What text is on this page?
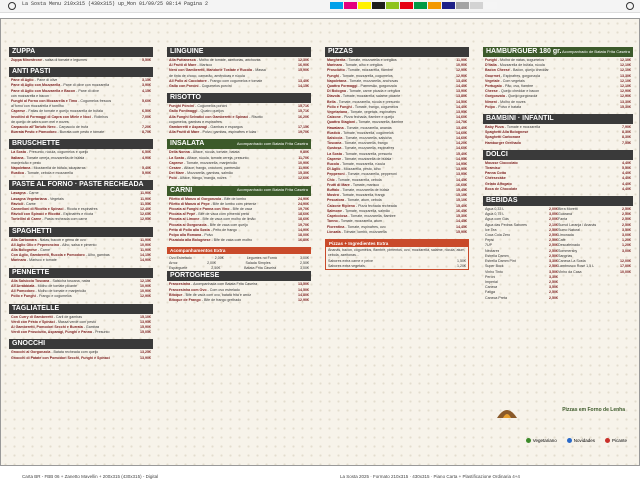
La Sosta Menu 210x315 (430x315) up_Mon 01/09/25 08:14 Pagina 2
ZUPPA
Zuppa Minestrone - salsa di tomate e legumes	5,50€
ANTI PASTI
Pane di Aglio - Pane di olive	3,15€
Pane di Aglio con Mozzarella - Pane di olive con mozzarella	3,90€
Pane di Aglio con Mozzarella e Bacon - Pane di olive	4,15€
con mozzarella e bacon
Funghi al Forno con Mozzarella e Timo - Cogumelos frescos	5,60€
al forno con mozzarella e tomilho
Caprese - Fatias de tomate e queijo mozzarella de búfala	6,50€
Involtini di Formaggi di Capra con Miele e Noci - Rolinhos	7,00€
de queijo de cabra com mel e nozes
Carpaccio all'Tartufo Nero - Carpaccio de trufa	7,20€
Burrata Pesto e Pomodoro - Burrata com pesto e tomate	8,70€
BRUSCHETTE
La Sosta - Presunto, rúcula, cogumelos e queijo	6,50€
Italiana - Tomate cereja, mozzarella de búfala	4,90€
manjericão e pesto
Napoletana - Mozzarella de búfala, alcaparras	5,40€
Rustica - Tomate, cebola e mozzarella	5,90€
PASTE AL FORNO · PASTE RECHEADA
Lasagna - Carne	11,90€
Lasagna Vegetariana - Vegetais	11,90€
Ravioli - Carne	11,55€
Cannelloni di Ricotta e Spinaci - Ricota e espinafres	12,40€
Ravioli con Spinaci e Ricotta - Espinafres e ricota	12,65€
Tortellini di Carne - Pasta recheada com carne	12,95€
SPAGHETTI
Alla Carbonara - Natas, bacon e gema de ovo	11,90€
All Aglio Olio e Peperoncino - Alho, salsa e pimento	10,90€
Alla Bolognese - Carne	11,90€
Con Aglio, Gamberetti, Rucola e Pomodoro - Alho, gambas	14,15€
Marinara - Marisco e tomate	14,90€
PENNETTE
Alla Salsiccia Toscana - Salsicha toscana, natas	12,15€
All'Arrabbiata - Molho de tomate picante	10,90€
All Pomodoro - Molho de tomate e manjericão	10,90€
Pollo e Funghi - Frango e cogumelos	12,90€
TAGLIATELLE
Con Curry di Gamberetti - Caril de gambas	15,10€
Verdi con Pesto e Spinaci - Massa verde com pesto	13,95€
Ai Gamberetti, Pomodori Secchi e Burrata - Gambas	15,90€
Verdi con Prosciutto, Asparagi, Funghi e Panna - Presunto	15,05€
GNOCCHI
Gnocchi al Gorgonzola - Batata recheada com queijo	13,25€
Gnocchi di Patate con Pomodori Secchi, Funghi e Spinaci	13,90€
LINGUINE
Alla Puttanesca - Molho de tomate, azeitonas, anchovas	12,30€
Ai Frutti di Mare - Marisco	16,90€
Nero con Gamberetti, Mandorle Tostate e Rucola - Massa	15,90€
de tinta de choco, camarão, amêndoas e rúcula
All Pollo al Cacciatore - Frango com cogumelos e tomate	13,40€
Gallo con Porcini - Cogumelos porcini	14,15€
RISOTTO
Funghi Porcini - Cogumelos porcini	15,71€
Gallo Fontinaggi - Quatro queijos	15,71€
Alla Funghi Selvatici con Gamberetti e Spinaci - Risotto	16,20€
cogumelos, gambas e espinafres
Gamberetti e Asparagi - Gambas e espargos	17,15€
Alla Frutti di Mare - Polvo, gambas, espinafres e lulas	19,70€
INSALATA	Acompanhado com Batata Frita Caseira
Della Nonna - Alface, rúcula, tomate, batata	9,80€
La Sosta - Alface, rúcula, tomate cereja, presunto	11,70€
Caprese - Tomate, mozzarella, manjericão	10,90€
Cesare - Alface, frango, croutons, parmesão	11,90€
Dei Mare - Mozzarella, gambas, salmão	15,30€
Polo - Alface, frango, manga, nozes	12,60€
CARNI	Acompanhado com Batata Frita Caseira
Filetto di Manzo al Gorgonzola - Bife de lombo	24,90€
Filetto di Manzo al Pepe - Bife de lombo com pimenta	24,90€
Piccata ai Funghi e Panna con Vino - Bife de vaca	19,70€
Piccata al Pepe - Bife de vaca com pimenta preta	18,60€
Piccata al Limone - Bife de vaca com molho de limão	18,60€
Piccata ai Gorgonzola - Bife de vaca com queijo	19,70€
Petto di Pollo alla Sosta - Peito de frango	14,90€
Polpo alla Romana - Polvo	18,00€
Pizzaiola alla Bolognese - Bife de vaca com molho	16,80€
Acompanhamentos Extra
Ovo Estrelado	2,00€	Legumes no Forno	3,00€
Arroz	2,00€	Salada Simples	2,50€
Esparguete	2,50€	Batata Frita Caseira	3,00€
PORTOGHESE
Francesinha - Acompanhada com Batata Frita Caseira	13,50€
Francesinha com Ovo - Com ovo estrelado	14,50€
Bitoque - Bife de vaca com ovo, batata frita e arroz	14,80€
Bitoque de Frango - Bife de frango grelhado	12,90€
PIZZAS
Margherita - Tomate, mozzarella e orégãos	11,90€
Marinara - Tomate, alho e orégãos	10,90€
Prosciutto - Tomate, mozzarella, fiambre	12,90€
Funghi - Tomate, mozzarella, cogumelos	12,90€
Napoletana - Tomate, mozzarella, anchovas	13,40€
Quattro Formaggi - Parmesão, gorgonzola	14,40€
Di Bologna - Tomate, carne picada e orégãos	13,90€
Diavola - Tomate, mozzarella, salame picante	13,80€
Bella - Tomate, mozzarella, rúcula e presunto	14,50€
Pollo e Funghi - Tomate, frango, cogumelos	14,40€
Vegetariana - Tomate, vegetais, espinafres	13,95€
Calzone - Pizza fechada, fiambre e queijo	14,60€
Quattro Stagioni - Tomate, mozzarella, fiambre	14,70€
Hawaiana - Tomate, mozzarella, ananás	13,40€
Rustica - Tomate, mozzarella, cogumelos	14,60€
Salsiccia - Tomate, mozzarella, salsicha	14,60€
Toscana - Tomate, mozzarella, frango	14,20€
Gustosa - Tomate, mozzarella, espinafres	14,60€
La Sosta - Tomate, mozzarella, presunto	15,40€
Caprese - Tomate, mozzarella de búfala	14,95€
Rucola - Tomate, mozzarella, rúcula	14,95€
Di Aglio - Mozzarella, pesto, alho	13,90€
Pepperoni - Tomate, mozzarella, pepperoni	13,95€
Chic - Tomate, mozzarella, cebola	14,45€
Frutti di Mare - Tomate, marisco	16,60€
Buffalo - Tomate, mozzarella de búfala	15,45€
Mostro - Tomate, mozzarella, frango	15,10€
Pescatora - Tomate, atum, cebola	15,10€
Calzone Ripieno - Pizza fechada recheada	15,40€
Salmone - Tomate, mozzarella, salmão	16,45€
Capricciosa - Tomate, mozzarella, fiambre	15,30€
Tonno - Tomate, mozzarella, atum	14,45€
Fiorentina - Tomate, espinafres, ovo	14,45€
Lonzata - Tomate, lombo, mozzarella	15,90€
Pizzas + Ingredientes Extra
Ananás, bacon, cogumelos, fiambre, pimentos, ovo, mozzarella, salame, rúcula, atum, cebola, azeitonas...
Sabores extra carne e peixe	1,50€
Sabores extra vegetais	1,20€
HAMBURGUER 180 gr. Acompanhado de Batata Frita Caseira
Funghi - Molho de natas, cogumelos	12,10€
D'Italia - Mozzarella de búfala, rúcula	12,10€
Bacon Cheese - Bacon, queijo cheddar	12,10€
Gourmet - Espinafres, gorgonzola	13,30€
Vegetale - Com vegetais	12,10€
Portugalo - Pão, ovo, fiambre	12,10€
Cheese - Queijo cheddar e bacon	12,90€
Gorgonzola - Queijo gorgonzola	12,90€
Nimeni - Molho de nozes	13,30€
Polpo - Polvo e batata	15,30€
BAMBINI · INFANTIL
Baby Pizza - Tomate e mozzarella	7,90€
Spaghetti Alla Bolognese	8,30€
Spaghetti Carbonara	8,30€
Hamburger Grelhado	7,55€
DOLCI
Mousse Cioccolato	4,40€
Tiramisu	5,50€
Panna Cotta	4,40€
Cheesecake	4,40€
Gelato Affogato	4,40€
Boca de Chocolate	4,40€
BEBIDAS
Água 0,33 L	2,00€
Água 0,75 L	3,00€
Água com Gás	2,00€
Água das Pedras Sabores	2,10€
Ice Tea	2,50€
Coca Cola Zero	2,50€
Pepsi	2,50€
7UP	2,50€
Néctares	2,50€
Estrella Damm	2,50€
Estrella Damm Pint	3,30€
Super Bock	2,50€
Vinho Tinto	3,50€
Peroni	3,30€
Imperial	2,50€
Caneca	3,50€
Fatiga	2,50€
Caneca Preta	2,50€
Birra Moretti	2,50€
Guaraná	2,50€
Fanta	2,50€
Sumol Laranja / Ananás	2,50€
Sumo Natural	3,50€
Limonada	3,00€
Café	1,20€
Descafeinado	1,20€
Sommersby	3,00€
Sangrias
Caneca La Sosta	12,00€
Lambrusco Rosé 1,5 L	17,00€
Vinho da Casa	10,00€
Pizzas em Forno de Lenha
Vegetariano	Novidades	Picante
Carta BR - FBB 06 + Zanetto Mavellin + 200x315 (430x315) - Digital	La Sosta 2025 · Formato 210x315 · 430x315 · Piano Carta + Plastificazione Ordinaria 4+4
